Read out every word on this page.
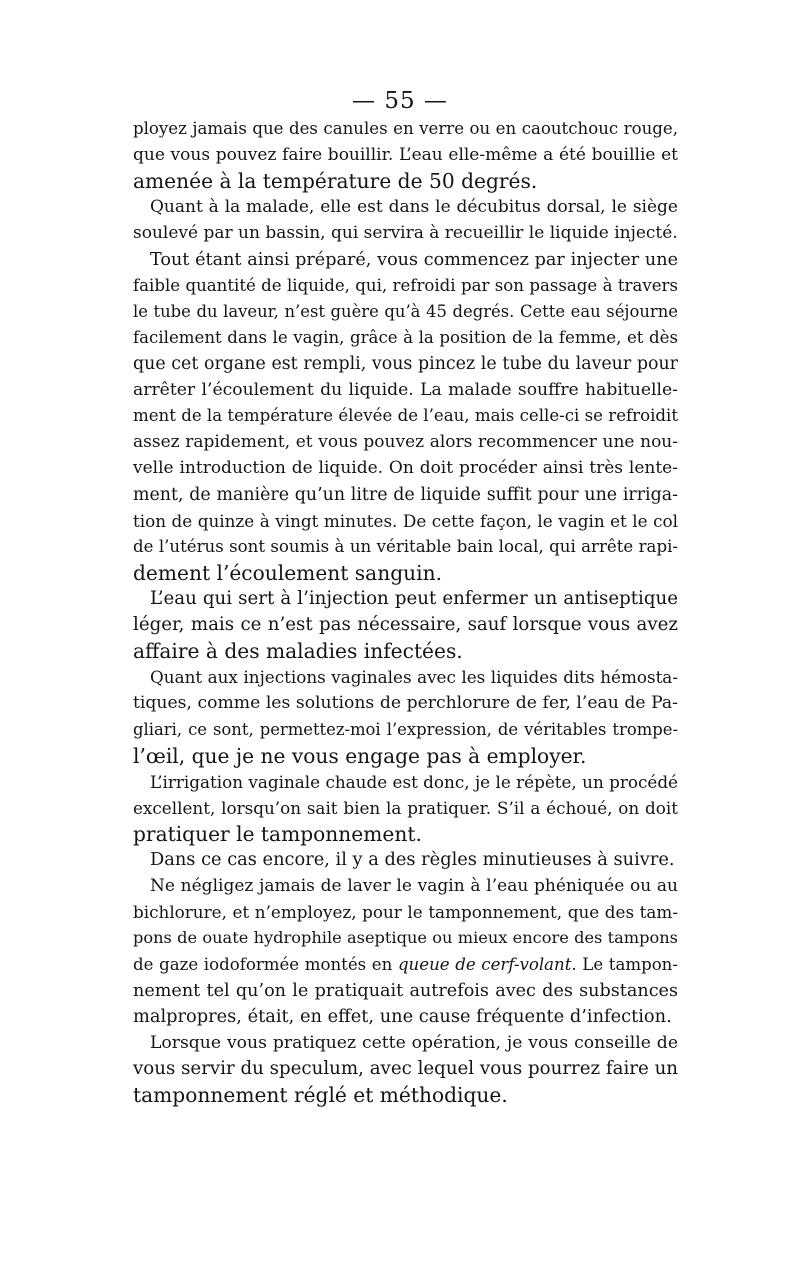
— 55 —
ployez jamais que des canules en verre ou en caoutchouc rouge,
que vous pouvez faire bouillir. L’eau elle-même a été bouillie et
amenée à la température de 50 degrés.
Quant à la malade, elle est dans le décubitus dorsal, le siège
soulevé par un bassin, qui servira à recueillir le liquide injecté.
Tout étant ainsi préparé, vous commencez par injecter une
faible quantité de liquide, qui, refroidi par son passage à travers
le tube du laveur, n’est guère qu’à 45 degrés. Cette eau séjourne
facilement dans le vagin, grâce à la position de la femme, et dès
que cet organe est rempli, vous pincez le tube du laveur pour
arrêter l’écoulement du liquide. La malade souffre habituelle-
ment de la température élevée de l’eau, mais celle-ci se refroidit
assez rapidement, et vous pouvez alors recommencer une nou-
velle introduction de liquide. On doit procéder ainsi très lente-
ment, de manière qu’un litre de liquide suffit pour une irriga-
tion de quinze à vingt minutes. De cette façon, le vagin et le col
de l’utérus sont soumis à un véritable bain local, qui arrête rapi-
dement l’écoulement sanguin.
L’eau qui sert à l’injection peut enfermer un antiseptique
léger, mais ce n’est pas nécessaire, sauf lorsque vous avez
affaire à des maladies infectées.
Quant aux injections vaginales avec les liquides dits hémosta-
tiques, comme les solutions de perchlorure de fer, l’eau de Pa-
gliari, ce sont, permettez-moi l’expression, de véritables trompe-
l’œil, que je ne vous engage pas à employer.
L’irrigation vaginale chaude est donc, je le répète, un procédé
excellent, lorsqu’on sait bien la pratiquer. S’il a échoué, on doit
pratiquer le tamponnement.
Dans ce cas encore, il y a des règles minutieuses à suivre.
Ne négligez jamais de laver le vagin à l’eau phéniquée ou au
bichlorure, et n’employez, pour le tamponnement, que des tam-
pons de ouate hydrophile aseptique ou mieux encore des tampons
de gaze iodoformée montés en queue de cerf-volant. Le tampon-
nement tel qu’on le pratiquait autrefois avec des substances
malpropres, était, en effet, une cause fréquente d’infection.
Lorsque vous pratiquez cette opération, je vous conseille de
vous servir du speculum, avec lequel vous pourrez faire un
tamponnement réglé et méthodique.
